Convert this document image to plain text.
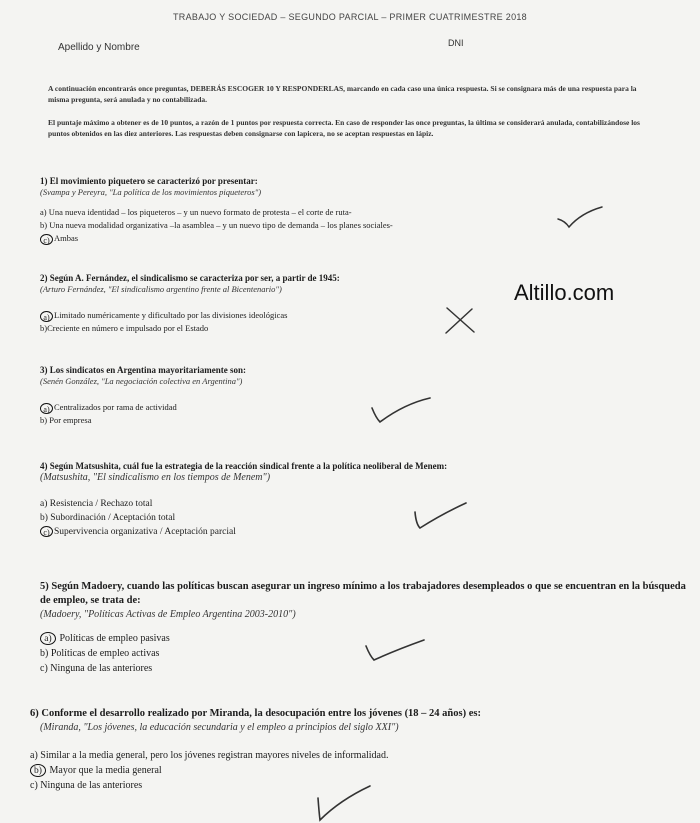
TRABAJO Y SOCIEDAD – SEGUNDO PARCIAL – PRIMER CUATRIMESTRE 2018
Apellido y Nombre	DNI
A continuación encontrarás once preguntas, DEBERÁS ESCOGER 10 Y RESPONDERLAS, marcando en cada caso una única respuesta. Si se consignara más de una respuesta para la misma pregunta, será anulada y no contabilizada.
El puntaje máximo a obtener es de 10 puntos, a razón de 1 puntos por respuesta correcta. En caso de responder las once preguntas, la última se considerará anulada, contabilizándose los puntos obtenidos en las diez anteriores. Las respuestas deben consignarse con lapicera, no se aceptan respuestas en lápiz.
Altillo.com
1) El movimiento piquetero se caracterizó por presentar:
(Svampa y Pereyra, "La política de los movimientos piqueteros")
a) Una nueva identidad – los piqueteros – y un nuevo formato de protesta – el corte de ruta-
b) Una nueva modalidad organizativa –la asamblea – y un nuevo tipo de demanda – los planes sociales-
c) Ambas
2) Según A. Fernández, el sindicalismo se caracteriza por ser, a partir de 1945:
(Arturo Fernández, "El sindicalismo argentino frente al Bicentenario")
a) Limitado numéricamente y dificultado por las divisiones ideológicas
b)Creciente en número e impulsado por el Estado
3) Los sindicatos en Argentina mayoritariamente son:
(Senén González, "La negociación colectiva en Argentina")
a) Centralizados por rama de actividad
b) Por empresa
4) Según Matsushita, cuál fue la estrategia de la reacción sindical frente a la política neoliberal de Menem:
(Matsushita, "El sindicalismo en los tiempos de Menem")
a) Resistencia / Rechazo total
b) Subordinación / Aceptación total
c) Supervivencia organizativa / Aceptación parcial
5) Según Madoery, cuando las políticas buscan asegurar un ingreso mínimo a los trabajadores desempleados o que se encuentran en la búsqueda de empleo, se trata de:
(Madoery, "Políticas Activas de Empleo Argentina 2003-2010")
a) Políticas de empleo pasivas
b) Políticas de empleo activas
c) Ninguna de las anteriores
6) Conforme el desarrollo realizado por Miranda, la desocupación entre los jóvenes (18 – 24 años) es:
(Miranda, "Los jóvenes, la educación secundaria y el empleo a principios del siglo XXI")
a) Similar a la media general, pero los jóvenes registran mayores niveles de informalidad.
b) Mayor que la media general
c) Ninguna de las anteriores
